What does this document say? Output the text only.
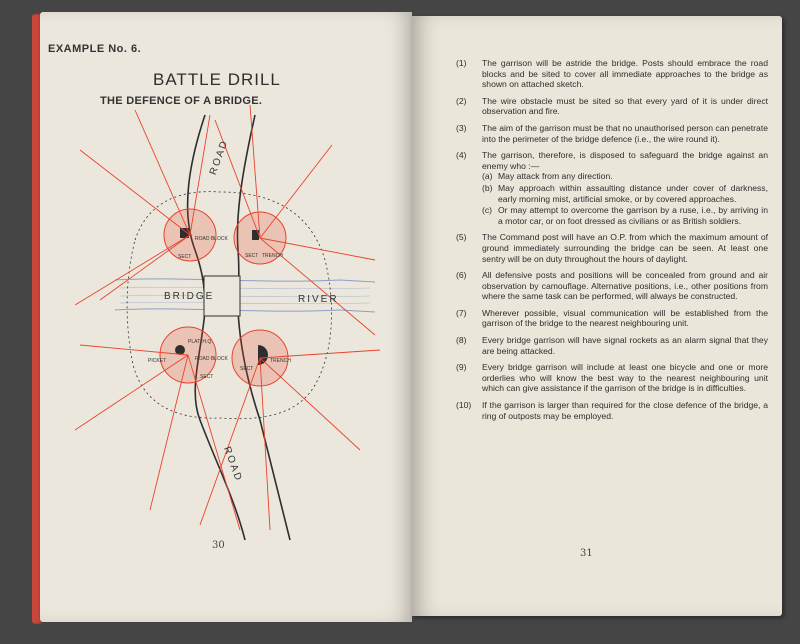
EXAMPLE No. 6.
BATTLE DRILL
THE DEFENCE OF A BRIDGE.
ROAD
ROAD
BRIDGE	RIVER
ROAD BLOCK
ROAD BLOCK
SECT	SECT
SECT
SECT
TRENCH
TRENCH
PLAT. H.Q.
PICKET
30
(1) The garrison will be astride the bridge. Posts should embrace the road blocks and be sited to cover all immediate approaches to the bridge as shown on attached sketch.
(2) The wire obstacle must be sited so that every yard of it is under direct observation and fire.
(3) The aim of the garrison must be that no unauthorised person can penetrate into the perimeter of the bridge defence (i.e., the wire round it).
(4) The garrison, therefore, is disposed to safeguard the bridge against an enemy who :—
(a) May attack from any direction.
(b) May approach within assaulting distance under cover of darkness, early morning mist, artificial smoke, or by covered approaches.
(c) Or may attempt to overcome the garrison by a ruse, i.e., by arriving in a motor car, or on foot dressed as civilians or as British soldiers.
(5) The Command post will have an O.P. from which the maximum amount of ground immediately surrounding the bridge can be seen. At least one sentry will be on duty throughout the hours of daylight.
(6) All defensive posts and positions will be concealed from ground and air observation by camouflage. Alternative positions, i.e., other positions from where the same task can be performed, will always be constructed.
(7) Wherever possible, visual communication will be established from the garrison of the bridge to the nearest neighbouring unit.
(8) Every bridge garrison will have signal rockets as an alarm signal that they are being attacked.
(9) Every bridge garrison will include at least one bicycle and one or more orderlies who will know the best way to the nearest neighbouring unit which can give assistance if the garrison of the bridge is in difficulties.
(10) If the garrison is larger than required for the close defence of the bridge, a ring of outposts may be employed.
31
